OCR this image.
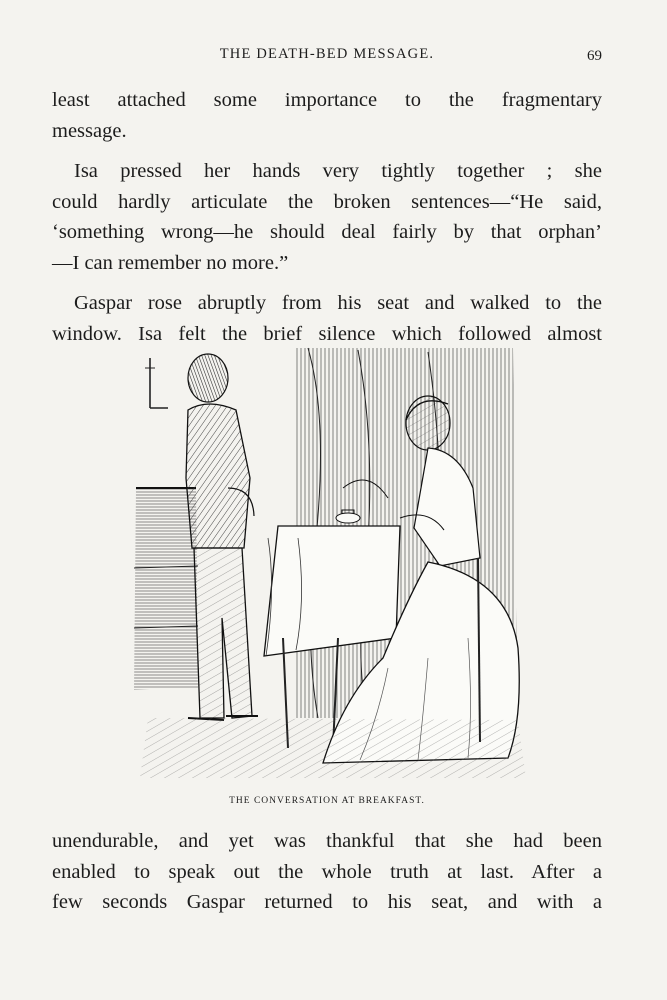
THE DEATH-BED MESSAGE.	69
least attached some importance to the fragmentary
message.
Isa pressed her hands very tightly together ; she
could hardly articulate the broken sentences—“He said,
‘something wrong—he should deal fairly by that orphan’
—I can remember no more.”
Gaspar rose abruptly from his seat and walked to the
window. Isa felt the brief silence which followed almost
THE CONVERSATION AT BREAKFAST.
unendurable, and yet was thankful that she had been
enabled to speak out the whole truth at last. After a
few seconds Gaspar returned to his seat, and with a
